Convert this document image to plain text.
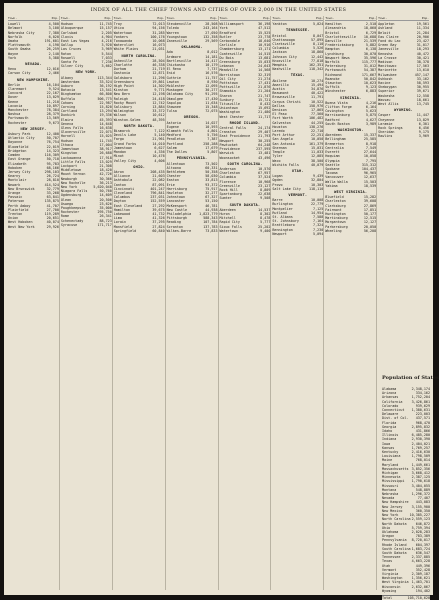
INDEX OF ALL THE CHIEF TOWNS AND CITIES OF OVER 2,000 IN THE UNITED STATES
Town.	Pop.
Lowell	4,500
Belmont	3,100
Nebraska City	7,380
Norfolk	6,020
Omaha	191,601
Plattsmouth	4,190
South Omaha	26,259
Wayne	2,140
York	5,388
NEVADA.
Reno	12,016
Carson City	2,466
NEW HAMPSHIRE.
Berlin	16,104
Claremont	9,524
Concord	22,167
Dover	13,029
Keene	11,210
Laconia	10,897
Manchester	78,384
Nashua	28,379
Portsmouth	13,569
Rochester	9,673
NEW JERSEY.
Asbury Park	12,400
Atlantic City	50,707
Bayonne	76,754
Bloomfield	22,019
Bridgeton	14,323
Camden	116,309
East Orange	50,710
Elizabeth	95,783
Hoboken	68,166
Jersey City	298,103
Kearny	26,724
Montclair	28,810
Newark	414,524
New Brunswick	32,779
Orange	33,268
Passaic	63,841
Paterson	135,875
Perth Amboy	41,707
Plainfield	27,700
Trenton	119,289
Union	20,651
West Hoboken	40,074
West New York	29,926
Town.	Pop.
Hudson	11,745
Albuquerque	15,157
Carlsbad	2,205
Clovis	4,904
East Las Vegas	4,216
Gallup	3,920
Las Cruces	3,969
Raton	5,544
Roswell	7,033
Santa Fe	7,236
Silver City	3,662
NEW YORK.
Albany	113,344
Amsterdam	33,524
Auburn	36,192
Batavia	13,541
Binghamton	66,800
Buffalo	506,775
Cohoes	22,987
Corning	15,820
Cortland	13,294
Dunkirk	19,336
Elmira	45,393
Geneva	14,648
Glens Falls	16,638
Gloversville	22,075
Hornell	15,025
Hudson	11,745
Ithaca	17,004
Jamestown	38,917
Kingston	26,688
Lackawanna	17,918
Little Falls	13,029
Lockport	21,308
Middletown	18,420
Mount Vernon	42,726
Newburgh	30,366
New Rochelle	36,213
New York	5,620,048
Niagara Falls	50,760
Ogdensburg	14,609
Olean	20,506
Oswego	23,626
Poughkeepsie	35,000
Rochester	295,750
Rome	26,341
Schenectady	88,723
Syracuse	171,717
Town.	Pop.
Troy	72,013
Utica	94,156
Watertown	31,285
Yonkers	100,176
Tonawanda	10,068
Watervliet	16,073
White Plains	21,031
NORTH CAROLINA.
Asheville	28,504
Charlotte	46,338
Durham	21,719
Gastonia	12,871
Goldsboro	11,296
Greensboro	19,861
High Point	14,302
Kinston	9,771
New Bern	12,198
Raleigh	24,418
Rocky Mount	12,742
Salisbury	13,884
Wilmington	33,372
Wilson	10,612
Winston-Salem	48,395
NORTH DAKOTA.
Bismarck	7,122
Devils Lake	5,140
Fargo	21,961
Grand Forks	14,010
Jamestown	6,627
Mandan	4,336
Minot	10,476
Valley City	4,606
OHIO.
Akron	208,435
Alliance	21,603
Ashtabula	22,082
Canton	87,091
Cincinnati	401,247
Cleveland	796,841
Columbus	237,031
Dayton	152,559
East Cleveland	27,292
Hamilton	39,675
Lakewood	41,732
Lima	41,326
Lorain	37,295
Mansfield	27,824
Springfield	60,840
Town.	Pop.
Steubenville	28,508
Toledo	243,164
Warren	27,050
Youngstown	132,358
Zanesville	29,569
OKLAHOMA.
Ada	8,012
Ardmore	14,181
Bartlesville	14,417
Chickasha	10,179
El Reno	7,737
Enid	16,576
Guthrie	11,757
Lawton	8,930
McAlester	12,095
Muskogee	30,277
Oklahoma City	91,295
Okmulgee	17,430
Sapulpa	11,634
Shawnee	15,348
Tulsa	72,075
OREGON.
Astoria	14,027
Eugene	10,593
Klamath Falls	4,801
Medford	5,756
Pendleton	7,387
Portland	258,288
Salem	17,679
The Dalles	5,807
PENNSYLVANIA.
Allentown	73,502
Altoona	60,331
Bethlehem	50,358
Chester	58,030
Easton	33,813
Erie	93,372
Harrisburg	75,917
Hazleton	32,277
Johnstown	67,327
Lancaster	53,150
McKeesport	46,781
New Castle	44,938
Philadelphia 1,823,779
Pittsburgh	588,343
Reading	107,784
Scranton	137,783
Wilkes-Barre	73,833
Town.	Pop.
Williamsport	36,198
York	47,512
Bradford	15,525
Butler	23,778
Carbondale	18,640
Carlisle	10,916
Chambersburg	13,171
Coatesville	14,515
Du Bois	13,681
Greensburg	15,033
Lebanon	24,643
Meadville	14,568
Norristown	32,319
Oil City	21,274
Pottstown	17,431
Pottsville	21,876
Shamokin	21,204
Sharon	21,747
Sunbury	15,721
Titusville	8,432
Uniontown	15,692
Washington	21,480
West Chester	11,717
RHODE ISLAND.
Central Falls	24,174
Cranston	29,407
East Providence 21,793
Newport	30,255
Pawtucket	64,248
Providence	237,595
Warwick	13,481
Woonsocket	43,496
SOUTH CAROLINA.
Anderson	10,570
Charleston	67,957
Columbia	37,524
Florence	10,968
Greenville	23,127
Rock Hill	8,809
Spartanburg	22,638
Sumter	9,508
SOUTH DAKOTA.
Aberdeen	14,537
Huron	8,302
Mitchell	8,478
Rapid City	5,777
Sioux Falls	25,202
Watertown	9,400
Town.	Pop.
Yankton	5,024
TENNESSEE.
Bristol	8,047
Chattanooga	57,895
Clarksville	8,110
Columbia	5,526
Jackson	18,860
Johnson City	12,442
Knoxville	77,818
Memphis	162,351
Nashville	118,342
TEXAS.
Abilene	10,274
Amarillo	15,494
Austin	34,876
Beaumont	40,422
Brownsville	11,791
Corpus Christi	10,522
Dallas	158,976
Denison	17,065
El Paso	77,560
Fort Worth	106,482
Galveston	44,255
Houston	138,276
Laredo	22,710
Port Arthur	22,251
San Angelo	10,050
San Antonio	161,379
Sherman	15,031
Temple	11,033
Tyler	12,085
Waco	38,500
Wichita Falls	40,079
UTAH.
Logan	9,439
Ogden	32,804
Provo	10,303
Salt Lake City 118,110
VERMONT.
Barre	10,008
Burlington	22,779
Montpelier	7,125
Rutland	14,954
St. Albans	7,588
St. Johnsbury	7,164
Brattleboro	7,324
Bennington	7,230
Newport	5,094
Town.	Pop.
Hamilton	2,510
Alexandria	18,060
Bristol	6,729
Charlottesville 10,688
Danville	21,539
Fredericksburg	5,882
Hampton	6,138
Lynchburg	30,070
Newport News	35,596
Norfolk	115,777
Petersburg	31,012
Portsmouth	54,387
Richmond	171,667
Roanoke	50,842
Staunton	10,623
Suffolk	9,123
Winchester	6,883
VIRGINIA.
Buena Vista	4,216
Clifton Forge	6,164
Covington	5,623
Harrisonburg	5,875
Radford	4,627
South Boston	3,989
WASHINGTON.
Aberdeen	15,337
Bellingham	25,585
Bremerton	8,918
Centralia	7,549
Everett	27,644
Hoquiam	10,058
Olympia	7,795
Seattle	315,312
Spokane	104,437
Tacoma	96,965
Vancouver	12,637
Walla Walla	15,503
Yakima	18,539
WEST VIRGINIA.
Bluefield	15,282
Charleston	39,608
Clarksburg	27,869
Fairmont	17,851
Huntington	50,177
Martinsburg	12,515
Morgantown	12,127
Parkersburg	20,050
Wheeling	56,208
Town.	Pop.
Appleton	19,561
Ashland	11,334
Beloit	21,284
Eau Claire	20,906
Fond du Lac	23,427
Green Bay	31,017
Janesville	18,293
Kenosha	40,472
La Crosse	30,421
Madison	38,378
Manitowoc	17,563
Marinette	13,610
Milwaukee	457,147
Oshkosh	33,162
Racine	58,593
Sheboygan	30,955
Superior	39,671
Waukesha	12,558
Wausau	18,661
West Allis	13,745
WYOMING.
Casper	11,447
Cheyenne	13,829
Laramie	6,301
Rock Springs	6,456
Sheridan	9,175
Rawlins	3,969
Population of States
Alabama	2,348,174
Arizona	334,162
Arkansas	1,752,204
California	3,426,861
Colorado	939,629
Connecticut 1,380,631
Delaware	223,003
Dist. of Col. 437,571
Florida	968,470
Georgia	2,895,832
Idaho	431,866
Illinois	6,485,280
Indiana	2,930,390
Iowa	2,404,021
Kansas	1,769,257
Kentucky	2,416,630
Louisiana	1,798,509
Maine	768,014
Maryland	1,449,661
Massachusetts 3,852,356
Michigan	3,668,412
Minnesota	2,387,125
Mississippi 1,790,618
Missouri	3,404,055
Montana	548,889
Nebraska	1,296,372
Nevada	77,407
New Hampshire 443,083
New Jersey	3,155,900
New Mexico	360,350
New York	10,385,227
North Carolina 2,559,123
North Dakota	646,872
Ohio	5,759,394
Oklahoma	2,028,283
Oregon	783,389
Pennsylvania 8,720,017
Rhode Island	604,397
South Carolina 1,683,724
South Dakota	636,547
Tennessee	2,337,885
Texas	4,663,228
Utah	449,396
Vermont	352,428
Virginia	2,309,187
Washington	1,356,621
West Virginia 1,463,701
Wisconsin	2,632,067
Wyoming	194,402
Total	105,710,620
